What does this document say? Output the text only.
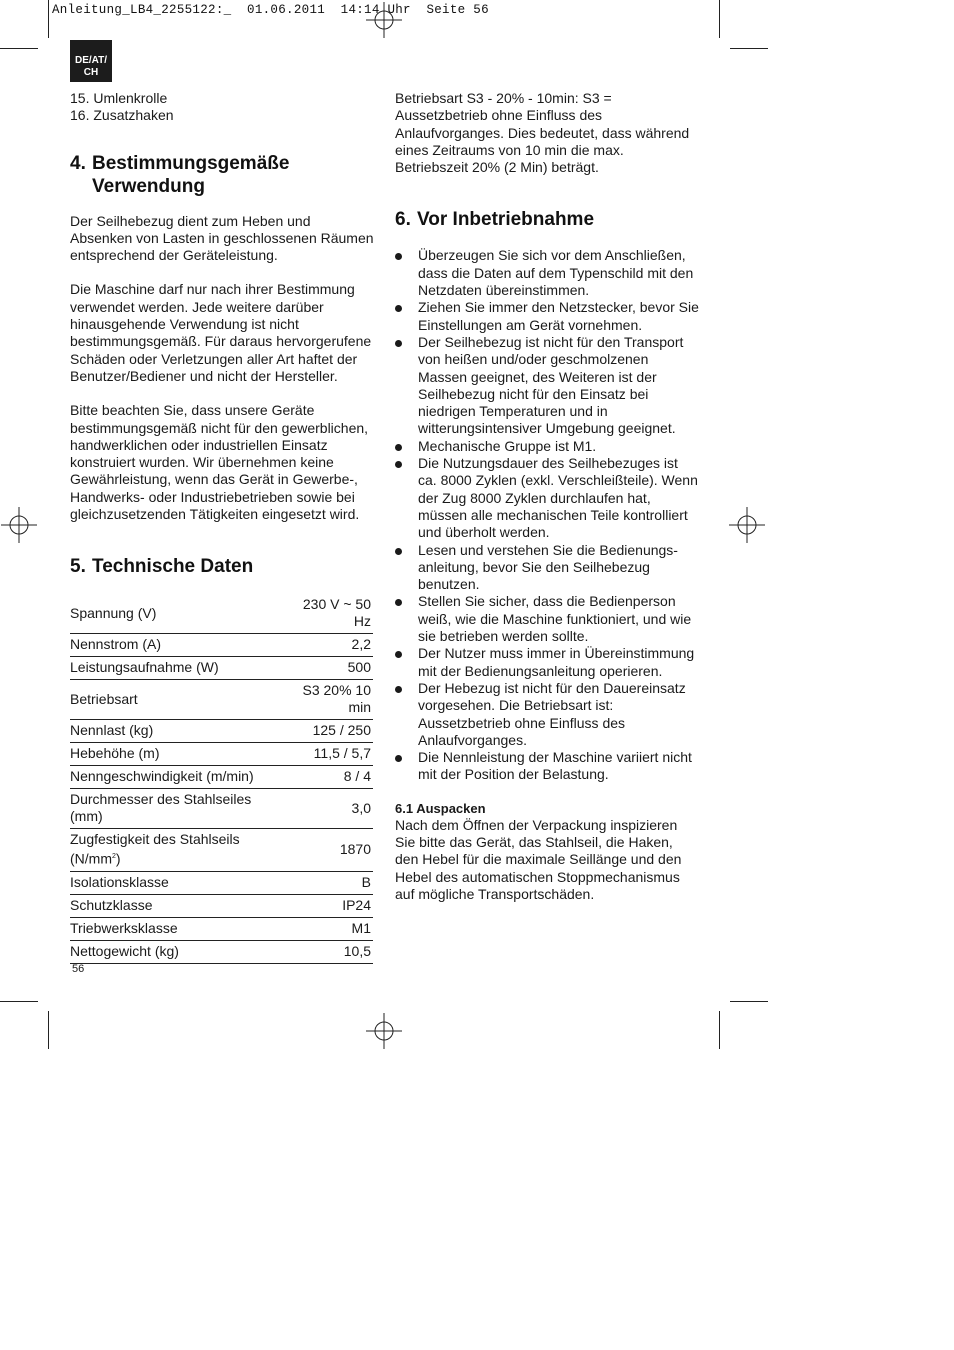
Anleitung_LB4_2255122:_  01.06.2011  14:14 Uhr  Seite 56
DE/AT/
CH

15. Umlenkrolle

16. Zusatzhaken

4. Bestimmungsgemäße
Verwendung

Der Seilhebezug dient zum Heben und Absenken von Lasten in geschlossenen Räumen entsprechend der Geräteleistung.

Die Maschine darf nur nach ihrer Bestimmung verwendet werden. Jede weitere darüber hinausgehende Verwendung ist nicht bestimmungsgemäß. Für daraus hervorgerufene Schäden oder Verletzungen aller Art haftet der Benutzer/Bediener und nicht der Hersteller.

Bitte beachten Sie, dass unsere Geräte bestimmungsgemäß nicht für den gewerblichen, handwerklichen oder industriellen Einsatz konstruiert wurden. Wir übernehmen keine Gewährleistung, wenn das Gerät in Gewerbe-, Handwerks- oder Industriebetrieben sowie bei gleichzusetzenden Tätigkeiten eingesetzt wird.

5. Technische Daten
Spannung (V)	230 V ~ 50 Hz
Nennstrom (A)	2,2
Leistungsaufnahme (W)	500
Betriebsart	S3 20% 10 min
Nennlast (kg)	125 / 250
Hebehöhe (m)	11,5 / 5,7
Nenngeschwindigkeit (m/min)	8 / 4
Durchmesser des Stahlseiles (mm)	3,0
Zugfestigkeit des Stahlseils $(N/mm^2)$	1870
Isolationsklasse	B
Schutzklasse	IP24
Triebwerksklasse	M1
Nettogewicht (kg)	10,5

Betriebsart S3 - 20% - 10min: S3 = Aussetzbetrieb ohne Einfluss des Anlaufvorganges. Dies bedeutet, dass während eines Zeitraums von 10 min die max. Betriebszeit 20% (2 Min) beträgt.

6. Vor Inbetriebnahme
Überzeugen Sie sich vor dem Anschließen, dass die Daten auf dem Typenschild mit den Netzdaten übereinstimmen.
Ziehen Sie immer den Netzstecker, bevor Sie Einstellungen am Gerät vornehmen.
Der Seilhebezug ist nicht für den Transport von heißen und/oder geschmolzenen Massen geeignet, des Weiteren ist der Seilhebezug nicht für den Einsatz bei niedrigen Temperaturen und in witterungsintensiver Umgebung geeignet.
Mechanische Gruppe ist M1.
Die Nutzungsdauer des Seilhebezuges ist ca. 8000 Zyklen (exkl. Verschleißteile). Wenn der Zug 8000 Zyklen durchlaufen hat, müssen alle mechanischen Teile kontrolliert und überholt werden.
Lesen und verstehen Sie die Bedienungs-anleitung, bevor Sie den Seilhebezug benutzen.
Stellen Sie sicher, dass die Bedienperson weiß, wie die Maschine funktioniert, und wie sie betrieben werden sollte.
Der Nutzer muss immer in Übereinstimmung mit der Bedienungsanleitung operieren.
Der Hebezug ist nicht für den Dauereinsatz vorgesehen. Die Betriebsart ist: Aussetzbetrieb ohne Einfluss des Anlaufvorganges.
Die Nennleistung der Maschine variiert nicht mit der Position der Belastung.
6.1 Auspacken

Nach dem Öffnen der Verpackung inspizieren Sie bitte das Gerät, das Stahlseil, die Haken, den Hebel für die maximale Seillänge und den Hebel des automatischen Stoppmechanismus auf mögliche Transportschäden.

56
